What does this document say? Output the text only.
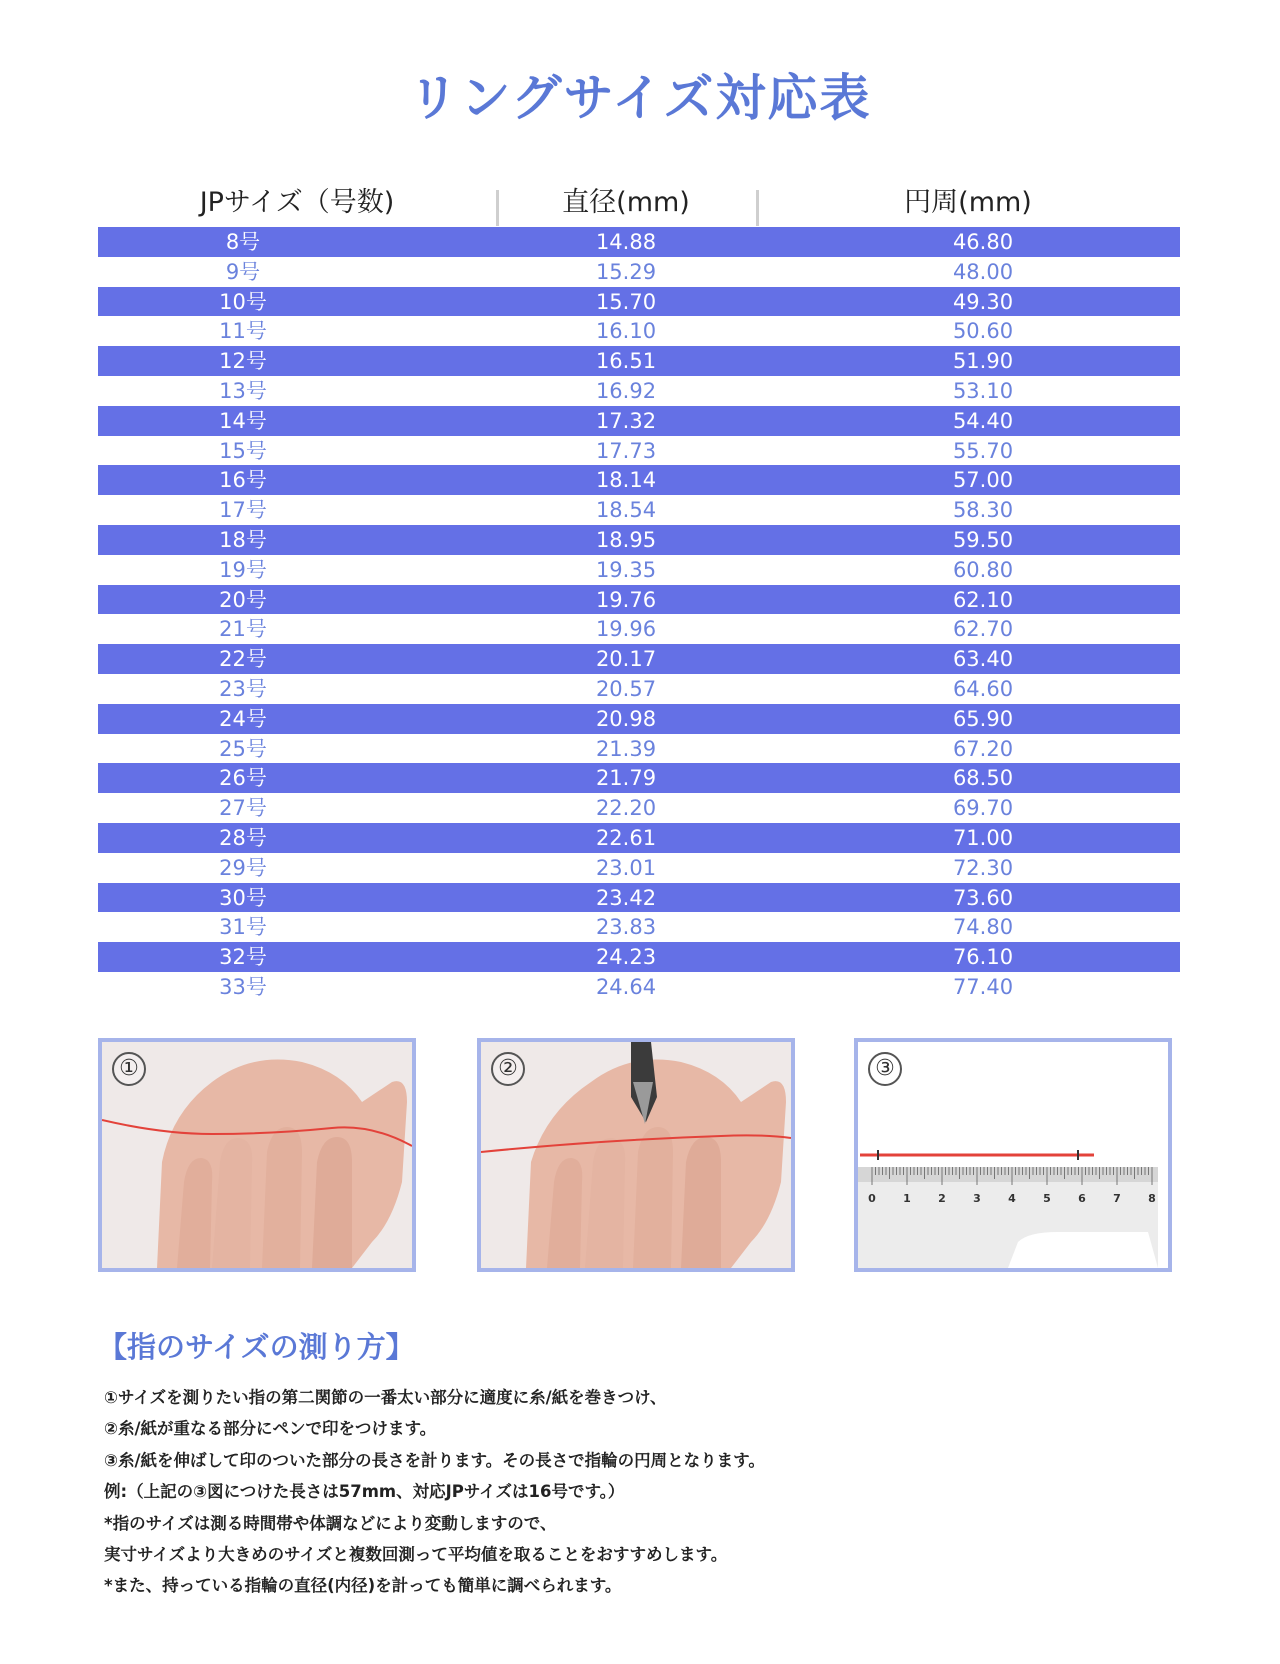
リングサイズ対応表
JPサイズ（号数)	直径(mm)	円周(mm)
8号	14.88	46.80
9号	15.29	48.00
10号	15.70	49.30
11号	16.10	50.60
12号	16.51	51.90
13号	16.92	53.10
14号	17.32	54.40
15号	17.73	55.70
16号	18.14	57.00
17号	18.54	58.30
18号	18.95	59.50
19号	19.35	60.80
20号	19.76	62.10
21号	19.96	62.70
22号	20.17	63.40
23号	20.57	64.60
24号	20.98	65.90
25号	21.39	67.20
26号	21.79	68.50
27号	22.20	69.70
28号	22.61	71.00
29号	23.01	72.30
30号	23.42	73.60
31号	23.83	74.80
32号	24.23	76.10
33号	24.64	77.40
①	②
0 1 2 3 4 5 6 7 8
③
【指のサイズの測り方】
①サイズを測りたい指の第二関節の一番太い部分に適度に糸/紙を巻きつけ、
②糸/紙が重なる部分にペンで印をつけます。
③糸/紙を伸ばして印のついた部分の長さを計ります。その長さで指輪の円周となります。
例:（上記の③図につけた長さは57mm、対応JPサイズは16号です。）
*指のサイズは測る時間帯や体調などにより変動しますので、
実寸サイズより大きめのサイズと複数回測って平均値を取ることをおすすめします。
*また、持っている指輪の直径(内径)を計っても簡単に調べられます。
